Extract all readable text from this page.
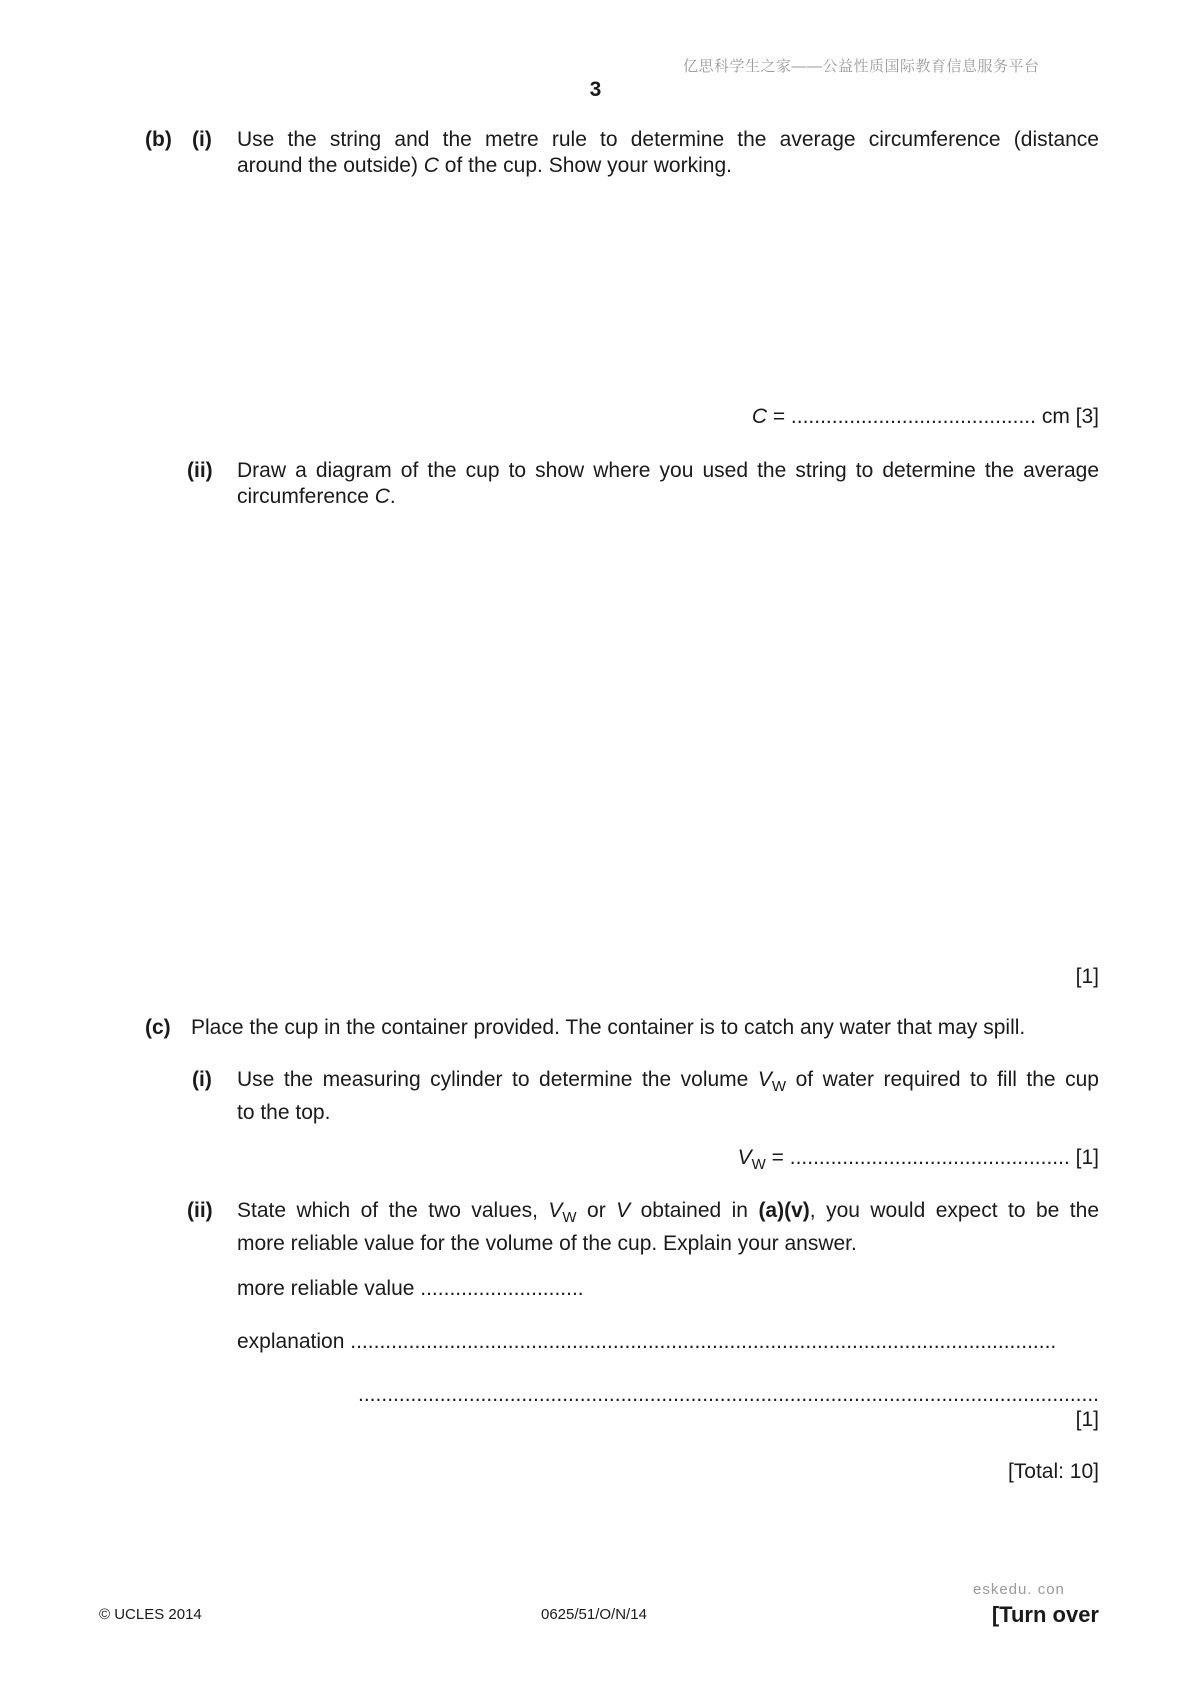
亿思科学生之家——公益性质国际教育信息服务平台
3
(b) (i) Use the string and the metre rule to determine the average circumference (distance
around the outside) C of the cup. Show your working.
C = .......................................... cm [3]
(ii) Draw a diagram of the cup to show where you used the string to determine the average
circumference C.
[1]
(c) Place the cup in the container provided. The container is to catch any water that may spill.
(i) Use the measuring cylinder to determine the volume $V_W$ of water required to fill the cup
to the top.
$V_W$ = ................................................ [1]
(ii) State which of the two values, $V_W$ or V obtained in (a)(v), you would expect to be the
more reliable value for the volume of the cup. Explain your answer.
more reliable value ............................
explanation .........................................................................................................................
...............................................................................................................................
[1]
[Total: 10]
eskedu. con
© UCLES 2014	0625/51/O/N/14	[Turn over
